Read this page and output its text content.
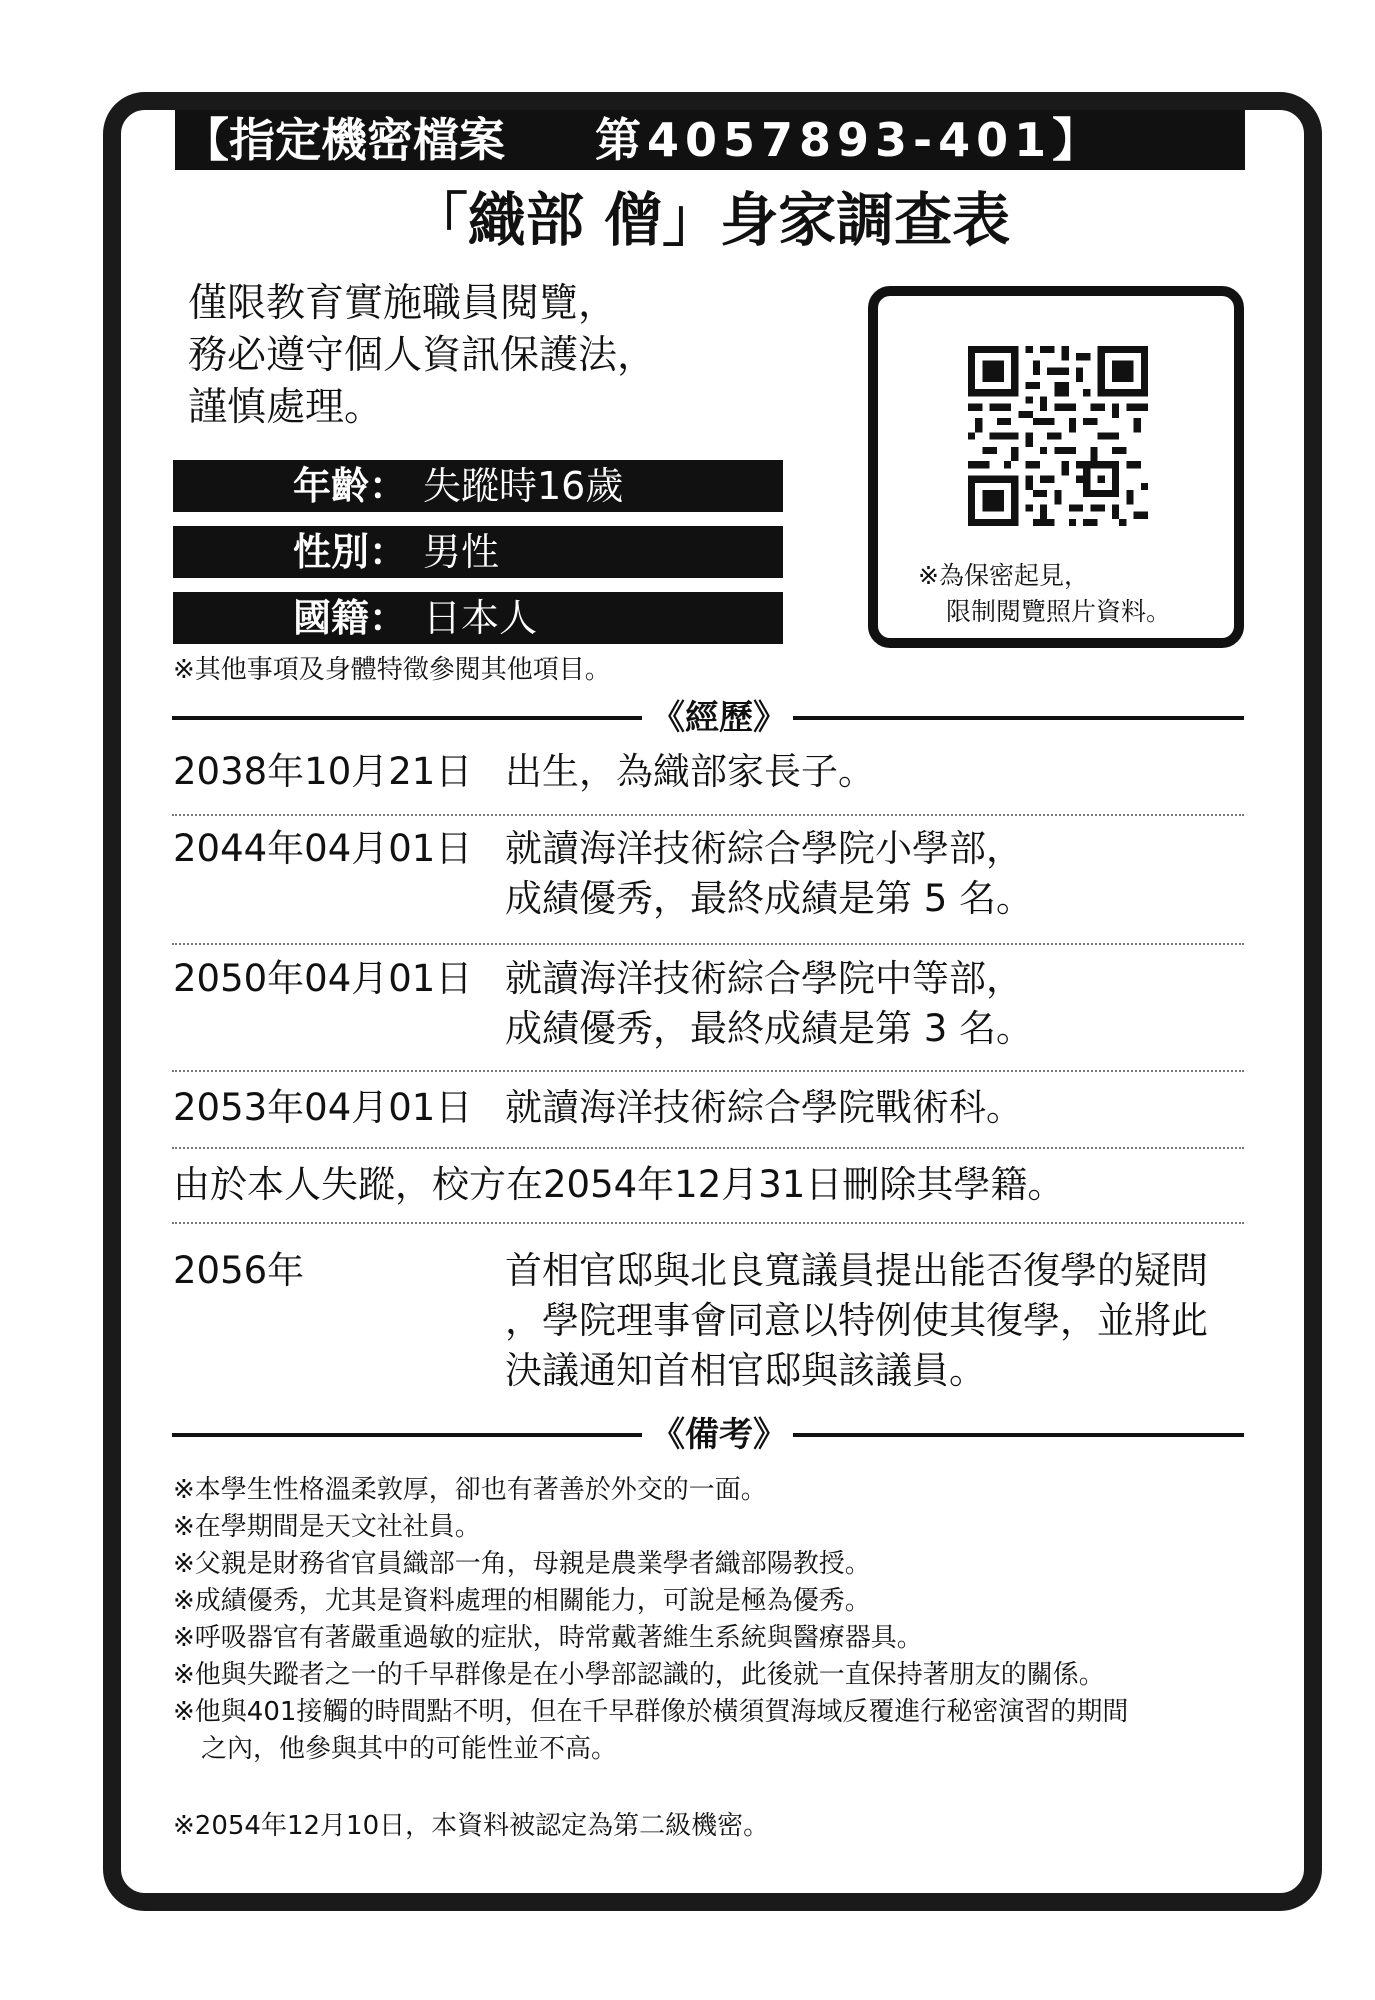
【指定機密檔案 第4057893-401】
「織部 僧」身家調查表
僅限教育實施職員閱覽，
務必遵守個人資訊保護法，
謹慎處理。
年齡： 失蹤時16歲
性別： 男性
國籍： 日本人
※其他事項及身體特徵參閱其他項目。
※為保密起見，
限制閱覽照片資料。
《經歷》
2038年10月21日 出生，為織部家長子。
2044年04月01日 就讀海洋技術綜合學院小學部，
成績優秀，最終成績是第 5 名。
2050年04月01日 就讀海洋技術綜合學院中等部，
成績優秀，最終成績是第 3 名。
2053年04月01日 就讀海洋技術綜合學院戰術科。
由於本人失蹤，校方在2054年12月31日刪除其學籍。
2056年	首相官邸與北良寬議員提出能否復學的疑問
，學院理事會同意以特例使其復學，並將此
決議通知首相官邸與該議員。
《備考》
※本學生性格溫柔敦厚，卻也有著善於外交的一面。
※在學期間是天文社社員。
※父親是財務省官員織部一角，母親是農業學者織部陽教授。
※成績優秀，尤其是資料處理的相關能力，可說是極為優秀。
※呼吸器官有著嚴重過敏的症狀，時常戴著維生系統與醫療器具。
※他與失蹤者之一的千早群像是在小學部認識的，此後就一直保持著朋友的關係。
※他與401接觸的時間點不明，但在千早群像於橫須賀海域反覆進行秘密演習的期間
之內，他參與其中的可能性並不高。
※2054年12月10日，本資料被認定為第二級機密。
